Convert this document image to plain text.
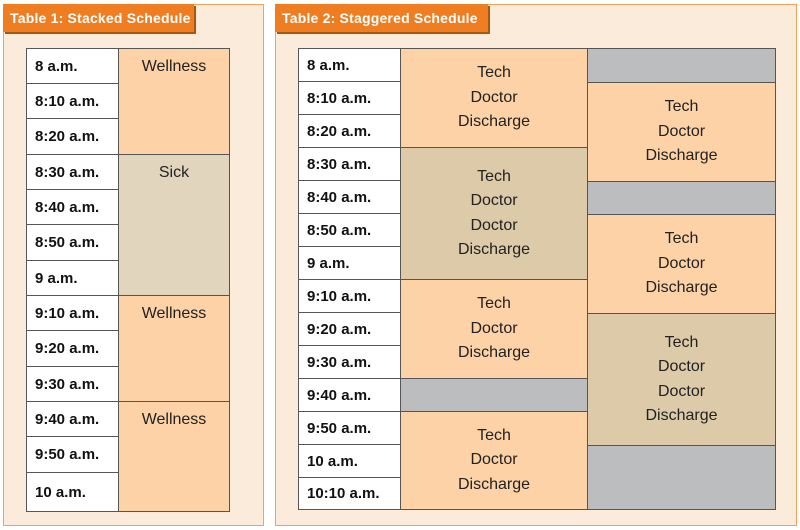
Table 1: Stacked Schedule
8 a.m.
8:10 a.m.
8:20 a.m.
8:30 a.m.
8:40 a.m.
8:50 a.m.
9 a.m.
9:10 a.m.
9:20 a.m.
9:30 a.m.
9:40 a.m.
9:50 a.m.
10 a.m.
Wellness
Sick
Wellness
Wellness
Table 2: Staggered Schedule
8 a.m.
8:10 a.m.
8:20 a.m.
8:30 a.m.
8:40 a.m.
8:50 a.m.
9 a.m.
9:10 a.m.
9:20 a.m.
9:30 a.m.
9:40 a.m.
9:50 a.m.
10 a.m.
10:10 a.m.
Tech
Doctor
Discharge
Tech
Doctor
Doctor
Discharge
Tech
Doctor
Discharge
Tech
Doctor
Discharge
Tech
Doctor
Discharge
Tech
Doctor
Discharge
Tech
Doctor
Doctor
Discharge
